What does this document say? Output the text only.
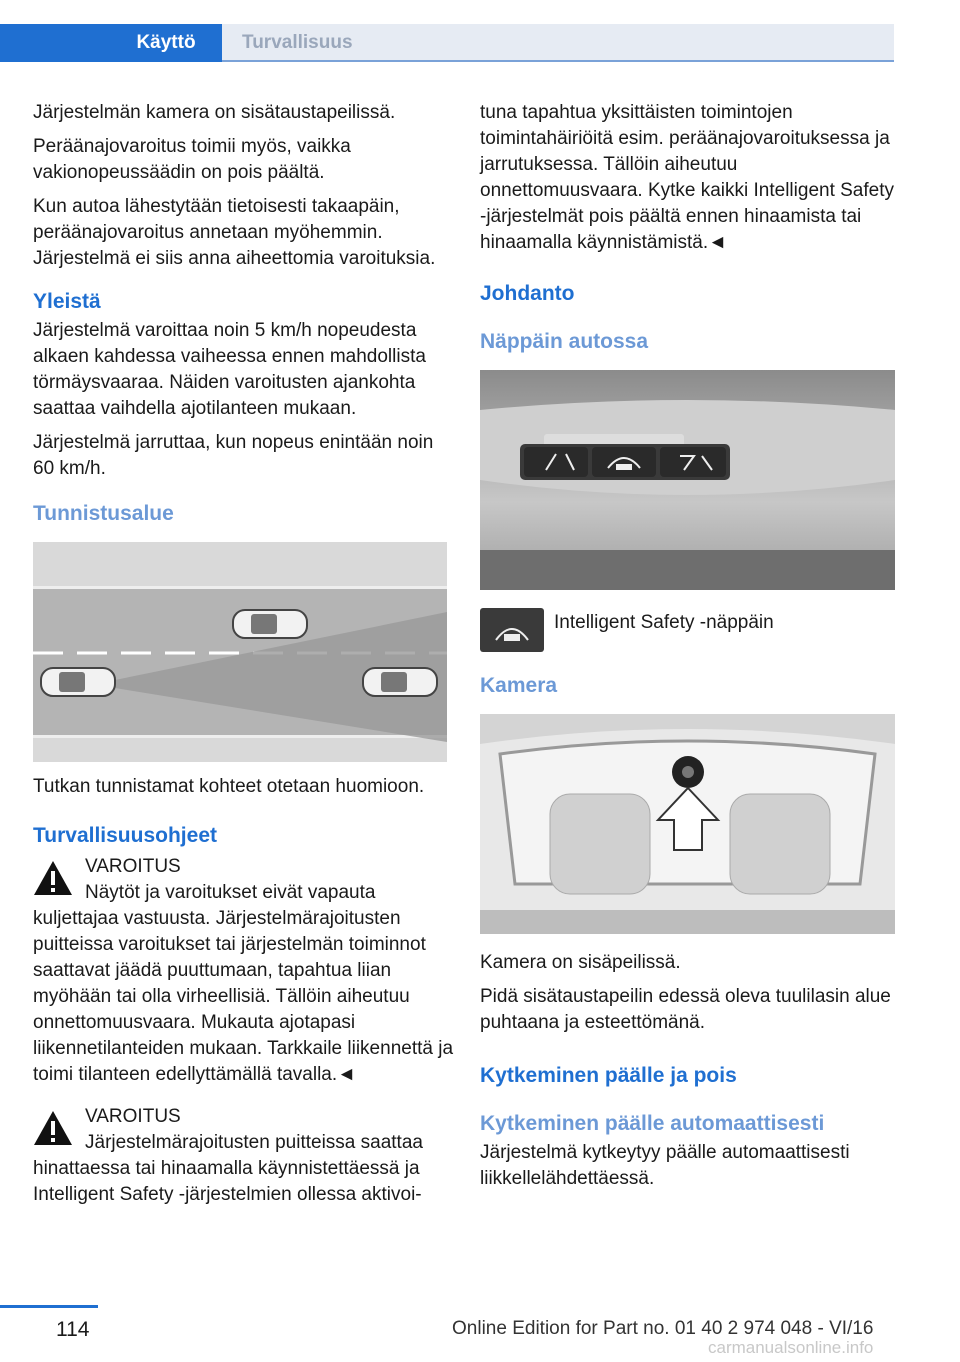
Käyttö	Turvallisuus

Järjestelmän kamera on sisätaustapeilissä.

Peräänajovaroitus toimii myös, vaikka vakionopeussäädin on pois päältä.

Kun autoa lähestytään tietoisesti takaapäin, peräänajovaroitus annetaan myöhemmin. Järjestelmä ei siis anna aiheettomia varoituksia.

Yleistä

Järjestelmä varoittaa noin 5 km/h nopeudesta alkaen kahdessa vaiheessa ennen mahdollista törmäysvaaraa. Näiden varoitusten ajankohta saattaa vaihdella ajotilanteen mukaan.

Järjestelmä jarruttaa, kun nopeus enintään noin 60 km/h.

Tunnistusalue

Tutkan tunnistamat kohteet otetaan huomioon.

Turvallisuusohjeet
VAROITUS
Näytöt ja varoitukset eivät vapauta kuljettajaa vastuusta. Järjestelmärajoitusten puitteissa varoitukset tai järjestelmän toiminnot saattavat jäädä puuttumaan, tapahtua liian myöhään tai olla virheellisiä. Tällöin aiheutuu onnettomuusvaara. Mukauta ajotapasi liikennetilanteiden mukaan. Tarkkaile liikennettä ja toimi tilanteen edellyttämällä tavalla.◄
VAROITUS
Järjestelmärajoitusten puitteissa saattaa hinattaessa tai hinaamalla käynnistettäessä ja Intelligent Safety -järjestelmien ollessa aktivoi-

tuna tapahtua yksittäisten toimintojen toimintahäiriöitä esim. peräänajovaroituksessa ja jarrutuksessa. Tällöin aiheutuu onnettomuusvaara. Kytke kaikki Intelligent Safety -järjestelmät pois päältä ennen hinaamista tai hinaamalla käynnistämistä.◄

Johdanto
Näppäin autossa
Intelligent Safety -näppäin
Kamera

Kamera on sisäpeilissä.

Pidä sisätaustapeilin edessä oleva tuulilasin alue puhtaana ja esteettömänä.

Kytkeminen päälle ja pois
Kytkeminen päälle automaattisesti

Järjestelmä kytkeytyy päälle automaattisesti liikkellelähdettäessä.

114	Online Edition for Part no. 01 40 2 974 048 - VI/16
carmanualsonline.info
